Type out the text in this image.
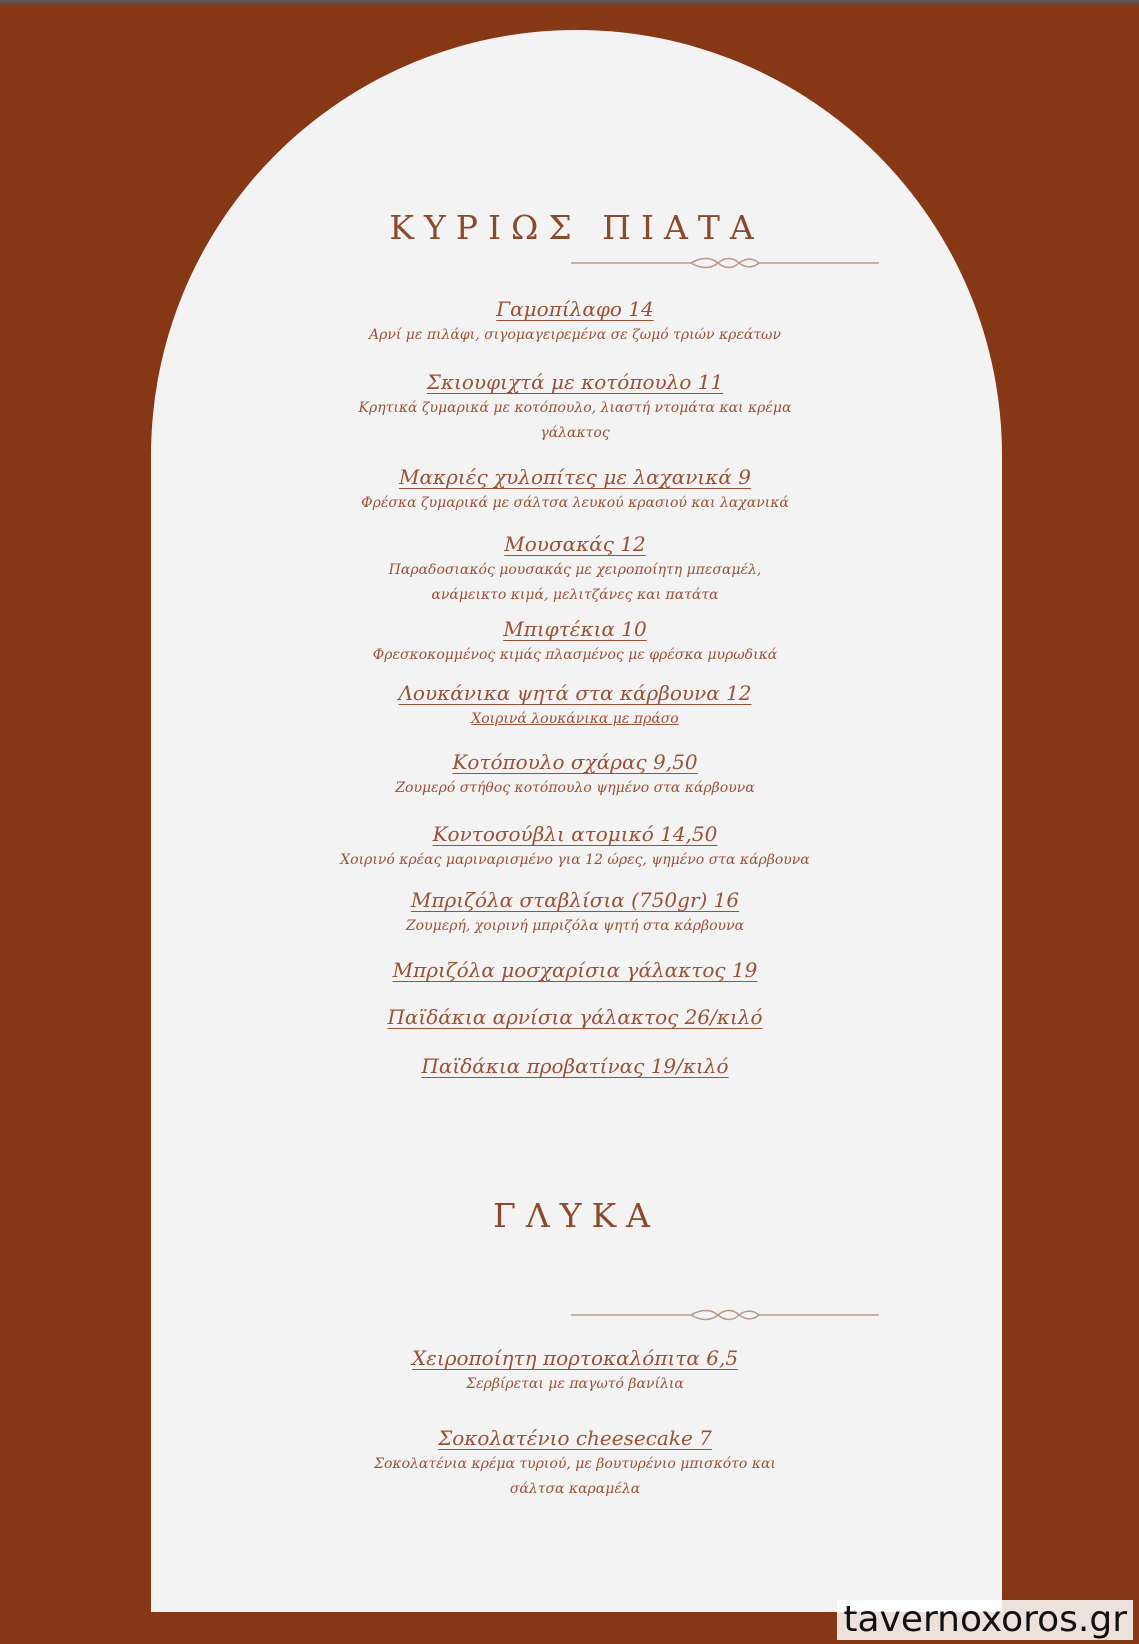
ΚΥΡΙΩΣ ΠΙΑΤΑ
Γαμοπίλαφο 14
Αρνί με πιλάφι, σιγομαγειρεμένα σε ζωμό τριών κρεάτων
Σκιουφιχτά με κοτόπουλο 11
Κρητικά ζυμαρικά με κοτόπουλο, λιαστή ντομάτα και κρέμα γάλακτος
Μακριές χυλοπίτες με λαχανικά 9
Φρέσκα ζυμαρικά με σάλτσα λευκού κρασιού και λαχανικά
Μουσακάς 12
Παραδοσιακός μουσακάς με χειροποίητη μπεσαμέλ, ανάμεικτο κιμά, μελιτζάνες και πατάτα
Μπιφτέκια 10
Φρεσκοκομμένος κιμάς πλασμένος με φρέσκα μυρωδικά
Λουκάνικα ψητά στα κάρβουνα 12
Χοιρινά λουκάνικα με πράσο
Κοτόπουλο σχάρας 9,50
Ζουμερό στήθος κοτόπουλο ψημένο στα κάρβουνα
Κοντοσούβλι ατομικό 14,50
Χοιρινό κρέας μαριναρισμένο για 12 ώρες, ψημένο στα κάρβουνα
Μπριζόλα σταβλίσια (750gr) 16
Ζουμερή, χοιρινή μπριζόλα ψητή στα κάρβουνα
Μπριζόλα μοσχαρίσια γάλακτος 19
Παϊδάκια αρνίσια γάλακτος 26/κιλό
Παϊδάκια προβατίνας 19/κιλό
ΓΛΥΚΑ
Χειροποίητη πορτοκαλόπιτα 6,5
Σερβίρεται με παγωτό βανίλια
Σοκολατένιο cheesecake 7
Σοκολατένια κρέμα τυριού, με βουτυρένιο μπισκότο και σάλτσα καραμέλα
tavernoxoros.gr
